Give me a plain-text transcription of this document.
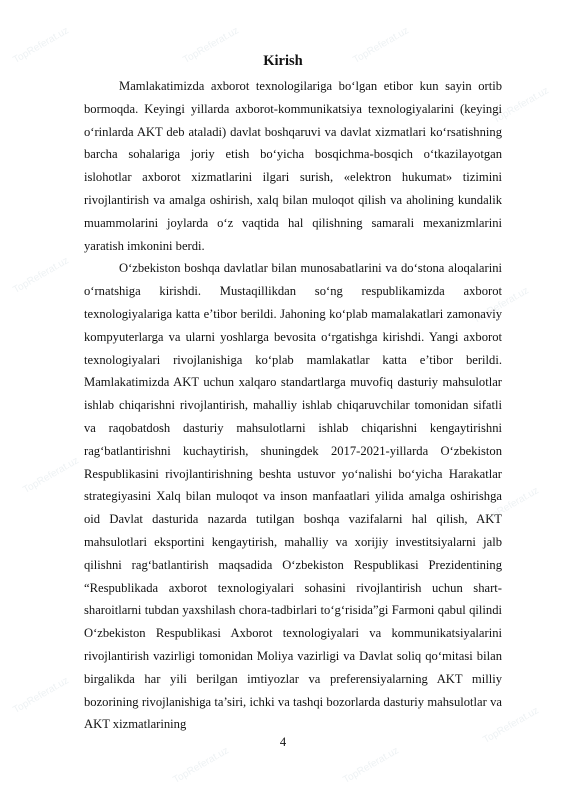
TopReferat.uz	TopReferat.uz	TopReferat.uz
TopReferat.uz
TopReferat.uz
TopReferat.uz
TopReferat.uz
TopReferat.uz
TopReferat.uz
TopReferat.uz	TopReferat.uz
TopReferat.uz
Kirish

Mamlakatimizda axborot texnologilariga bo‘lgan etibor kun sayin ortib bormoqda. Keyingi yillarda axborot-kommunikatsiya texnologiyalarini (keyingi o‘rinlarda AKT deb ataladi) davlat boshqaruvi va davlat xizmatlari ko‘rsatishning barcha sohalariga joriy etish bo‘yicha bosqichma-bosqich o‘tkazilayotgan islohotlar axborot xizmatlarini ilgari surish, «elektron hukumat» tizimini rivojlantirish va amalga oshirish, xalq bilan muloqot qilish va aholining kundalik muammolarini joylarda o‘z vaqtida hal qilishning samarali mexanizmlarini yaratish imkonini berdi.

O‘zbekiston boshqa davlatlar bilan munosabatlarini va do‘stona aloqalarini o‘rnatshiga kirishdi. Mustaqillikdan so‘ng respublikamizda axborot texnologiyalariga katta e’tibor berildi. Jahoning ko‘plab mamalakatlari zamonaviy kompyuterlarga va ularni yoshlarga bevosita o‘rgatishga kirishdi. Yangi axborot texnologiyalari rivojlanishiga ko‘plab mamlakatlar katta e’tibor berildi. Mamlakatimizda AKT uchun xalqaro standartlarga muvofiq dasturiy mahsulotlar ishlab chiqarishni rivojlantirish, mahalliy ishlab chiqaruvchilar tomonidan sifatli va raqobatdosh dasturiy mahsulotlarni ishlab chiqarishni kengaytirishni rag‘batlantirishni kuchaytirish, shuningdek 2017-2021-yillarda O‘zbekiston Respublikasini rivojlantirishning beshta ustuvor yo‘nalishi bo‘yicha Harakatlar strategiyasini Xalq bilan muloqot va inson manfaatlari yilida amalga oshirishga oid Davlat dasturida nazarda tutilgan boshqa vazifalarni hal qilish, AKT mahsulotlari eksportini kengaytirish, mahalliy va xorijiy investitsiyalarni jalb qilishni rag‘batlantirish maqsadida O‘zbekiston Respublikasi Prezidentining “Respublikada axborot texnologiyalari sohasini rivojlantirish uchun shart-sharoitlarni tubdan yaxshilash chora-tadbirlari to‘g‘risida”gi Farmoni qabul qilindi O‘zbekiston Respublikasi Axborot texnologiyalari va kommunikatsiyalarini rivojlantirish vazirligi tomonidan Moliya vazirligi va Davlat soliq qo‘mitasi bilan birgalikda har yili berilgan imtiyozlar va preferensiyalarning AKT milliy bozorining rivojlanishiga ta’siri, ichki va tashqi bozorlarda dasturiy mahsulotlar va AKT xizmatlarining

4
